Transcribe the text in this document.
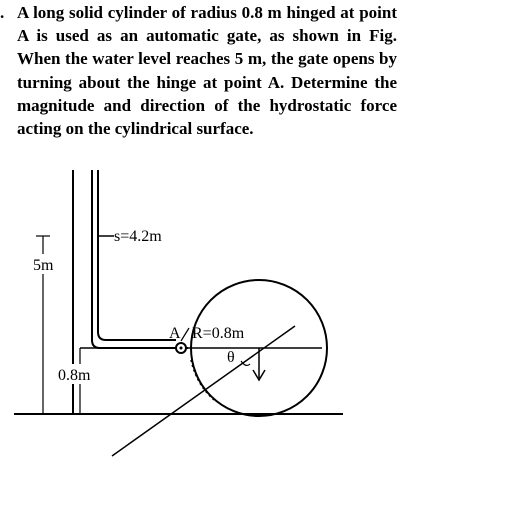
. A long solid cylinder of radius 0.8 m hinged at point A is used as an automatic gate, as shown in Fig. When the water level reaches 5 m, the gate opens by turning about the hinge at point A. Determine the magnitude and direction of the hydrostatic force acting on the cylindrical surface.
s=4.2m
5m
0.8m
A R=0.8m
θ
